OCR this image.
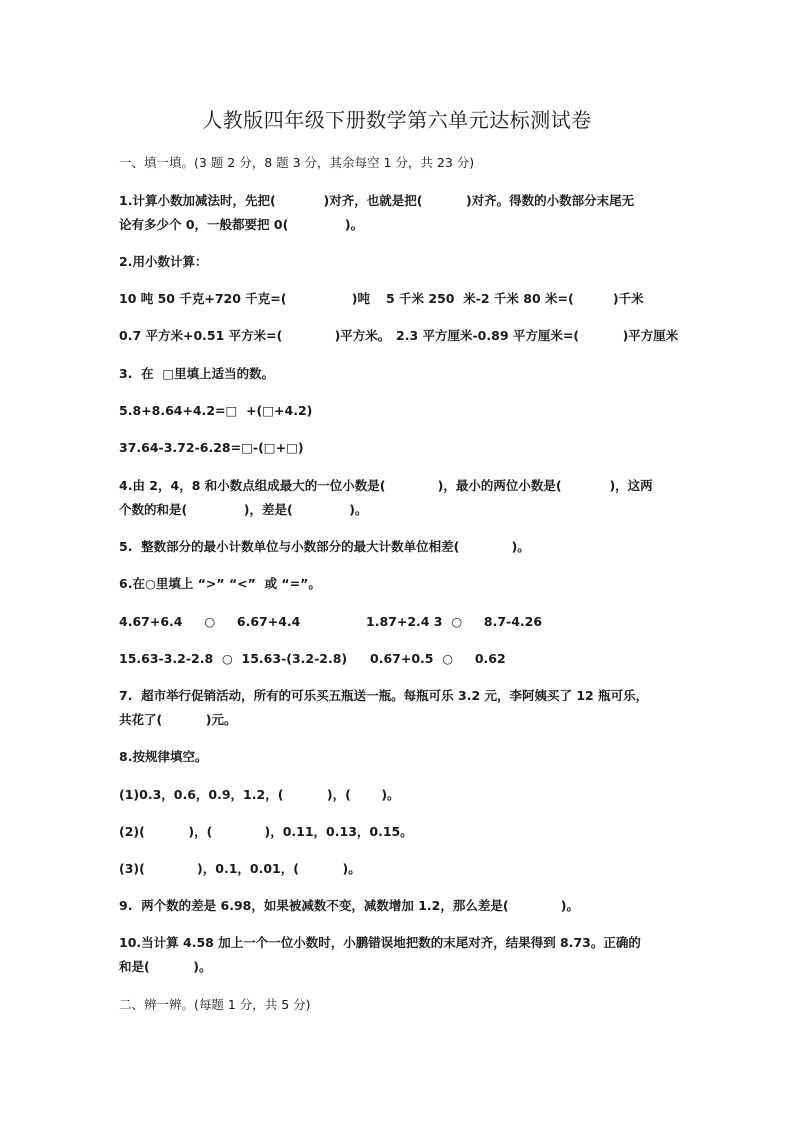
人教版四年级下册数学第六单元达标测试卷

一、填一填。(3 题 2 分，8 题 3 分，其余每空 1 分，共 23 分)

1.计算小数加减法时，先把(           )对齐，也就是把(          )对齐。得数的小数部分末尾无

论有多少个 0，一般都要把 0(             )。

2.用小数计算：

10 吨 50 千克+720 千克=(               )吨 5 千米 250  米-2 千米 80 米=(         )千米

0.7 平方米+0.51 平方米=(            )平方米。 2.3 平方厘米-0.89 平方厘米=(          )平方厘米

3.  在  □里填上适当的数。

5.8+8.64+4.2=□  +(□+4.2)

37.64-3.72-6.28=□-(□+□)

4.由 2，4，8 和小数点组成最大的一位小数是(            )，最小的两位小数是(           )，这两

个数的和是(             )，差是(             )。

5.  整数部分的最小计数单位与小数部分的最大计数单位相差(            )。

6.在○里填上 “>” “<”  或 “=”。

4.67+6.4     ○     6.67+4.4	1.87+2.4 3  ○     8.7-4.26

15.63-3.2-2.8  ○  15.63-(3.2-2.8) 0.67+0.5  ○     0.62

7.  超市举行促销活动，所有的可乐买五瓶送一瓶。每瓶可乐 3.2 元，李阿姨买了 12 瓶可乐，

共花了(          )元。

8.按规律填空。

(1)0.3，0.6，0.9，1.2，(          )，(       )。

(2)(          )，(            )，0.11，0.13，0.15。

(3)(            )，0.1，0.01，(          )。

9.  两个数的差是 6.98，如果被减数不变，减数增加 1.2，那么差是(            )。

10.当计算 4.58 加上一个一位小数时，小鹏错误地把数的末尾对齐，结果得到 8.73。正确的

和是(          )。

二、辨一辨。(每题 1 分，共 5 分)
